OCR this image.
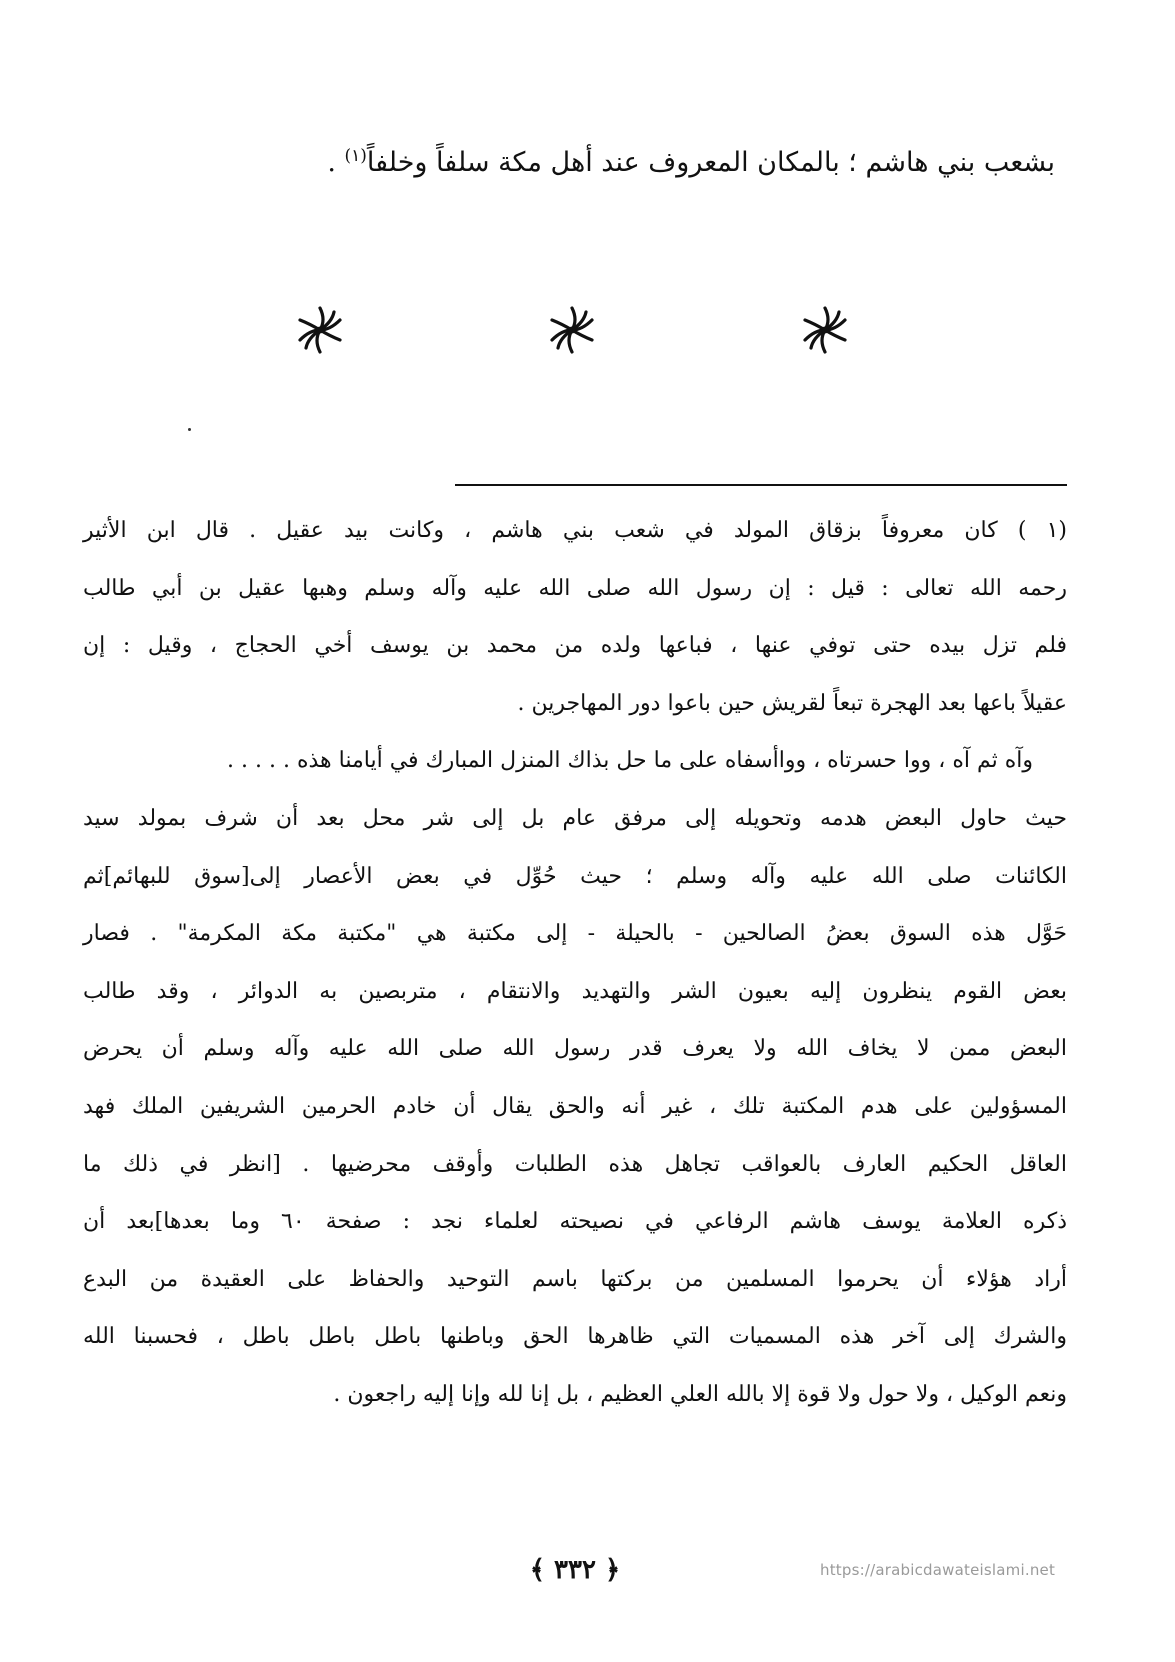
بشعب بني هاشم ؛ بالمكان المعروف عند أهل مكة سلفاً وخلفاً$^{(١)}$ .
(١ ) كان معروفاً بزقاق المولد في شعب بني هاشم ، وكانت بيد عقيل . قال ابن الأثير
رحمه الله تعالى : قيل : إن رسول الله صلى الله عليه وآله وسلم وهبها عقيل بن أبي طالب
فلم تزل بيده حتى توفي عنها ، فباعها ولده من محمد بن يوسف أخي الحجاج ، وقيل : إن
عقيلاً باعها بعد الهجرة تبعاً لقريش حين باعوا دور المهاجرين .
وآه ثم آه ، ووا حسرتاه ، وواأسفاه على ما حل بذاك المنزل المبارك في أيامنا هذه . . . . .
حيث حاول البعض هدمه وتحويله إلى مرفق عام بل إلى شر محل بعد أن شرف بمولد سيد
الكائنات صلى الله عليه وآله وسلم ؛ حيث حُوِّل في بعض الأعصار إلى[سوق للبهائم]ثم
حَوَّل هذه السوق بعضُ الصالحين - بالحيلة - إلى مكتبة هي "مكتبة مكة المكرمة" . فصار
بعض القوم ينظرون إليه بعيون الشر والتهديد والانتقام ، متربصين به الدوائر ، وقد طالب
البعض ممن لا يخاف الله ولا يعرف قدر رسول الله صلى الله عليه وآله وسلم أن يحرض
المسؤولين على هدم المكتبة تلك ، غير أنه والحق يقال أن خادم الحرمين الشريفين الملك فهد
العاقل الحكيم العارف بالعواقب تجاهل هذه الطلبات وأوقف محرضيها . [انظر في ذلك ما
ذكره العلامة يوسف هاشم الرفاعي في نصيحته لعلماء نجد : صفحة ٦٠ وما بعدها]بعد أن
أراد هؤلاء أن يحرموا المسلمين من بركتها باسم التوحيد والحفاظ على العقيدة من البدع
والشرك إلى آخر هذه المسميات التي ظاهرها الحق وباطنها باطل باطل باطل ، فحسبنا الله
ونعم الوكيل ، ولا حول ولا قوة إلا بالله العلي العظيم ، بل إنا لله وإنا إليه راجعون .
﴿ ٣٣٢ ﴾	https://arabicdawateislami.net
